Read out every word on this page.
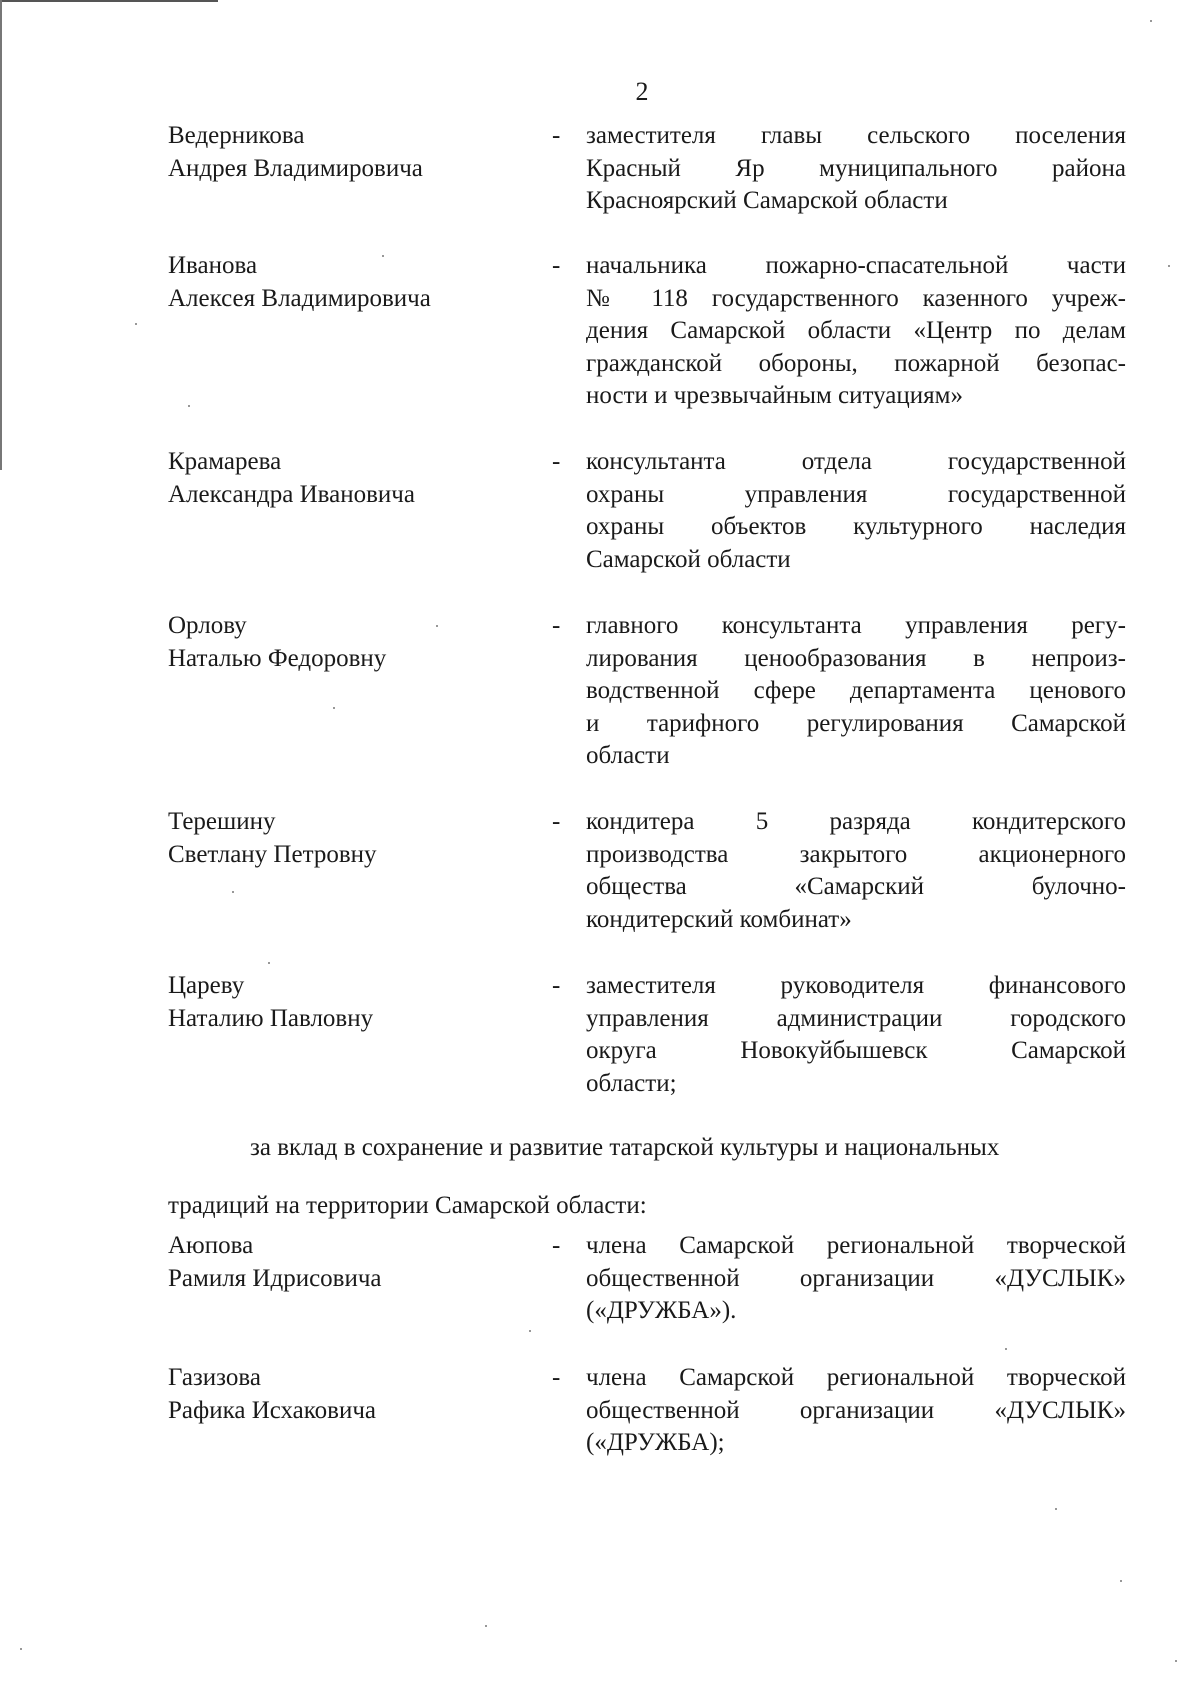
2
Ведерникова
Андрея Владимировича
-	заместителя главы сельского поселения
Красный Яр муниципального района
Красноярский Самарской области
Иванова
Алексея Владимировича
-	начальника пожарно-спасательной части
№ 118 государственного казенного учреж-
дения Самарской области «Центр по делам
гражданской обороны, пожарной безопас-
ности и чрезвычайным ситуациям»
Крамарева
Александра Ивановича
-	консультанта отдела государственной
охраны управления государственной
охраны объектов культурного наследия
Самарской области
Орлову
Наталью Федоровну
-	главного консультанта управления регу-
лирования ценообразования в непроиз-
водственной сфере департамента ценового
и тарифного регулирования Самарской
области
Терешину
Светлану Петровну
-	кондитера 5 разряда кондитерского
производства закрытого акционерного
общества «Самарский булочно-
кондитерский комбинат»
Цареву
Наталию Павловну
-	заместителя руководителя финансового
управления администрации городского
округа Новокуйбышевск Самарской
области;
Аюпова
Рамиля Идрисовича
-	члена Самарской региональной творческой
общественной организации «ДУСЛЫК»
(«ДРУЖБА»).
Газизова
Рафика Исхаковича
-	члена Самарской региональной творческой
общественной организации «ДУСЛЫК»
(«ДРУЖБА);
за вклад в сохранение и развитие татарской культуры и национальных
традиций на территории Самарской области:
